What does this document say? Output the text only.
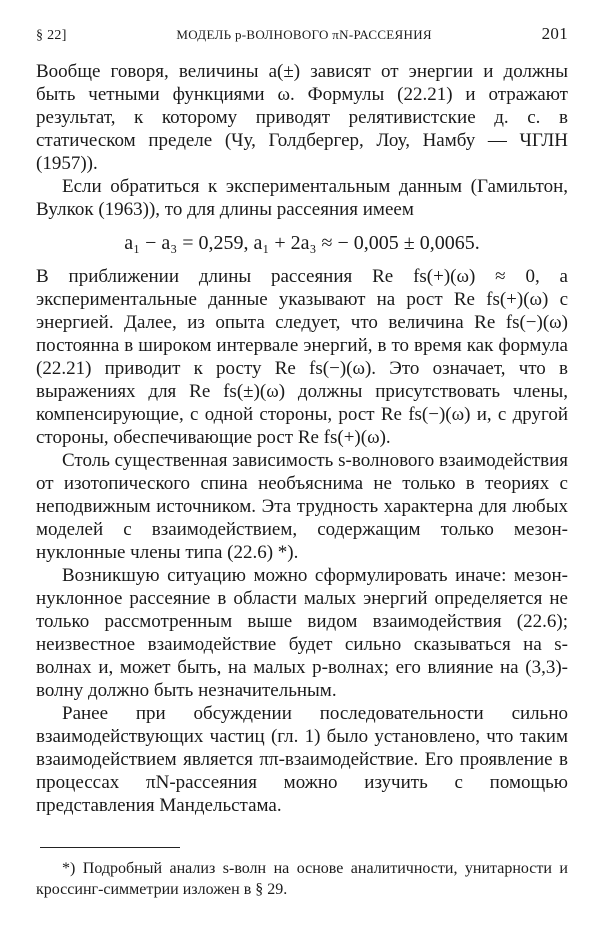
§ 22]	МОДЕЛЬ p-ВОЛНОВОГО πN-РАССЕЯНИЯ	201

Вообще говоря, величины a(±) зависят от энергии и должны быть четными функциями ω. Формулы (22.21) и отражают результат, к которому приводят релятивистские д. с. в статическом пределе (Чу, Голдбергер, Лоу, Намбу — ЧГЛН (1957)).

Если обратиться к экспериментальным данным (Гамильтон, Вулкок (1963)), то для длины рассеяния имеем

a₁ − a₃ = 0,259, a₁ + 2a₃ ≈ − 0,005 ± 0,0065.

В приближении длины рассеяния Re fs(+)(ω) ≈ 0, а экспериментальные данные указывают на рост Re fs(+)(ω) с энергией. Далее, из опыта следует, что величина Re fs(−)(ω) постоянна в широком интервале энергий, в то время как формула (22.21) приводит к росту Re fs(−)(ω). Это означает, что в выражениях для Re fs(±)(ω) должны присутствовать члены, компенсирующие, с одной стороны, рост Re fs(−)(ω) и, с другой стороны, обеспечивающие рост Re fs(+)(ω).

Столь существенная зависимость s-волнового взаимодействия от изотопического спина необъяснима не только в теориях с неподвижным источником. Эта трудность характерна для любых моделей с взаимодействием, содержащим только мезон-нуклонные члены типа (22.6) *).

Возникшую ситуацию можно сформулировать иначе: мезон-нуклонное рассеяние в области малых энергий определяется не только рассмотренным выше видом взаимодействия (22.6); неизвестное взаимодействие будет сильно сказываться на s-волнах и, может быть, на малых p-волнах; его влияние на (3,3)-волну должно быть незначительным.

Ранее при обсуждении последовательности сильно взаимодействующих частиц (гл. 1) было установлено, что таким взаимодействием является ππ-взаимодействие. Его проявление в процессах πN-рассеяния можно изучить с помощью представления Мандельстама.

*) Подробный анализ s-волн на основе аналитичности, унитарности и кроссинг-симметрии изложен в § 29.
